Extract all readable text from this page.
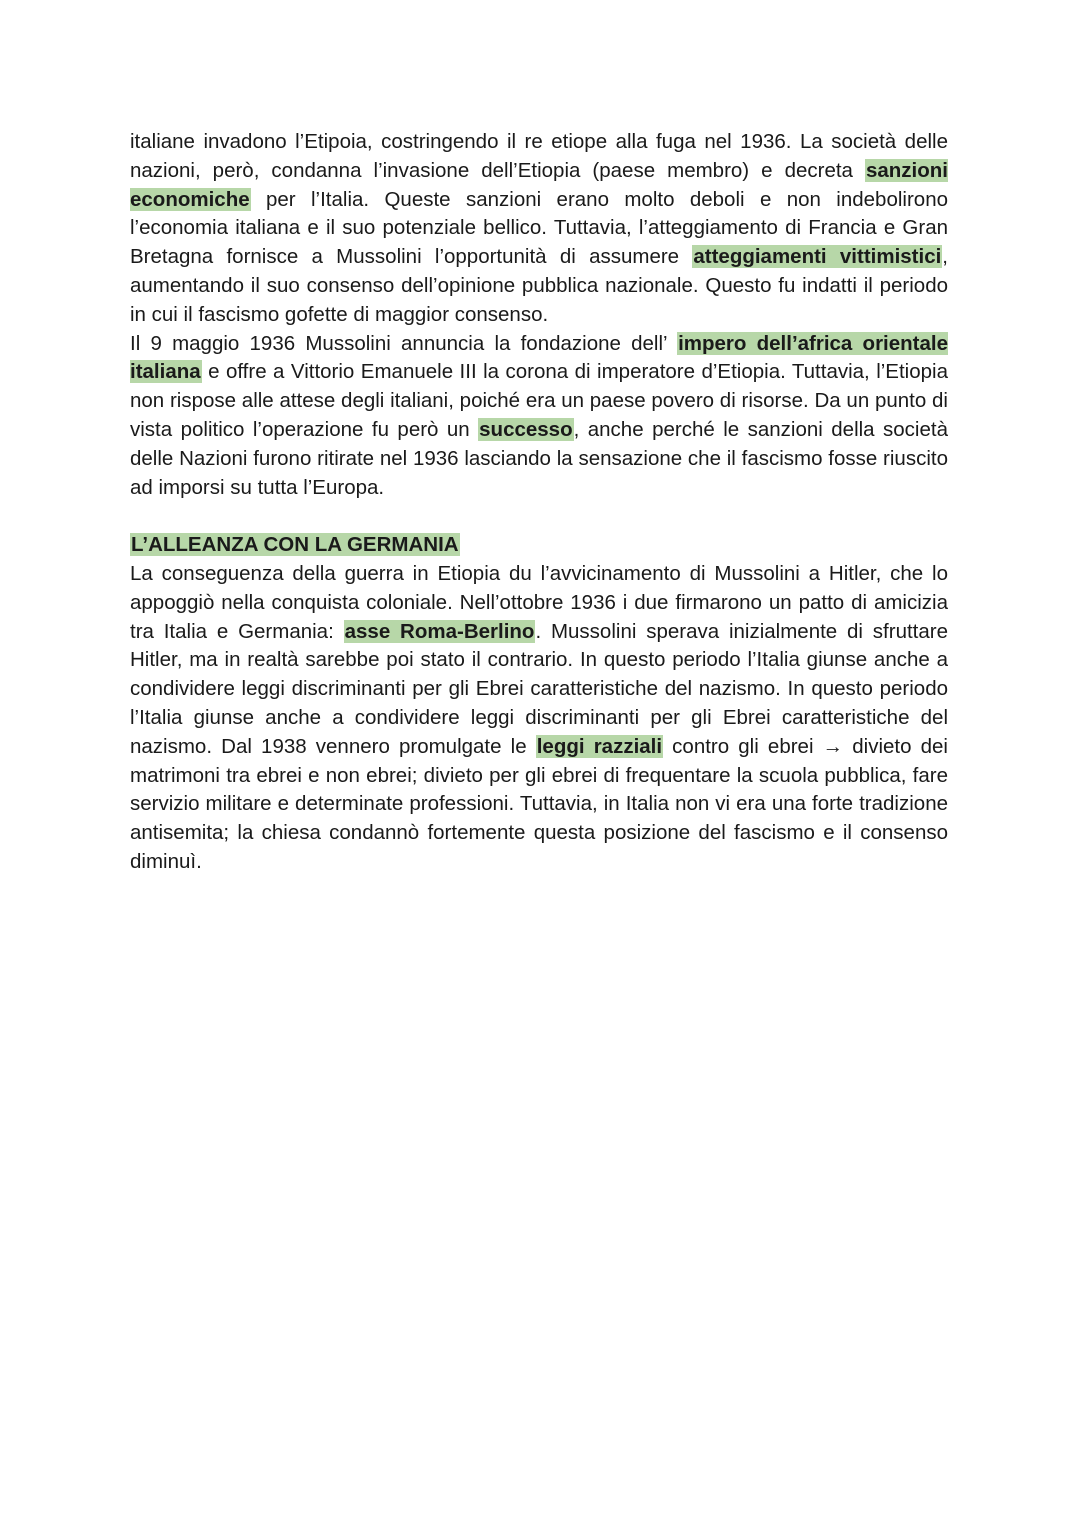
italiane invadono l’Etipoia, costringendo il re etiope alla fuga nel 1936. La società delle nazioni, però, condanna l’invasione dell’Etiopia (paese membro) e decreta sanzioni economiche per l’Italia. Queste sanzioni erano molto deboli e non indebolirono l’economia italiana e il suo potenziale bellico. Tuttavia, l’atteggiamento di Francia e Gran Bretagna fornisce a Mussolini l’opportunità di assumere atteggiamenti vittimistici, aumentando il suo consenso dell’opinione pubblica nazionale. Questo fu indatti il periodo in cui il fascismo gofette di maggior consenso.

Il 9 maggio 1936 Mussolini annuncia la fondazione dell’ impero dell’africa orientale italiana e offre a Vittorio Emanuele III la corona di imperatore d’Etiopia. Tuttavia, l’Etiopia non rispose alle attese degli italiani, poiché era un paese povero di risorse. Da un punto di vista politico l’operazione fu però un successo, anche perché le sanzioni della società delle Nazioni furono ritirate nel 1936 lasciando la sensazione che il fascismo fosse riuscito ad imporsi su tutta l’Europa.

L’ALLEANZA CON LA GERMANIA

La conseguenza della guerra in Etiopia du l’avvicinamento di Mussolini a Hitler, che lo appoggiò nella conquista coloniale. Nell’ottobre 1936 i due firmarono un patto di amicizia tra Italia e Germania: asse Roma-Berlino. Mussolini sperava inizialmente di sfruttare Hitler, ma in realtà sarebbe poi stato il contrario. In questo periodo l’Italia giunse anche a condividere leggi discriminanti per gli Ebrei caratteristiche del nazismo. In questo periodo l’Italia giunse anche a condividere leggi discriminanti per gli Ebrei caratteristiche del nazismo. Dal 1938 vennero promulgate le leggi razziali contro gli ebrei → divieto dei matrimoni tra ebrei e non ebrei; divieto per gli ebrei di frequentare la scuola pubblica, fare servizio militare e determinate professioni. Tuttavia, in Italia non vi era una forte tradizione antisemita; la chiesa condannò fortemente questa posizione del fascismo e il consenso diminuì.
